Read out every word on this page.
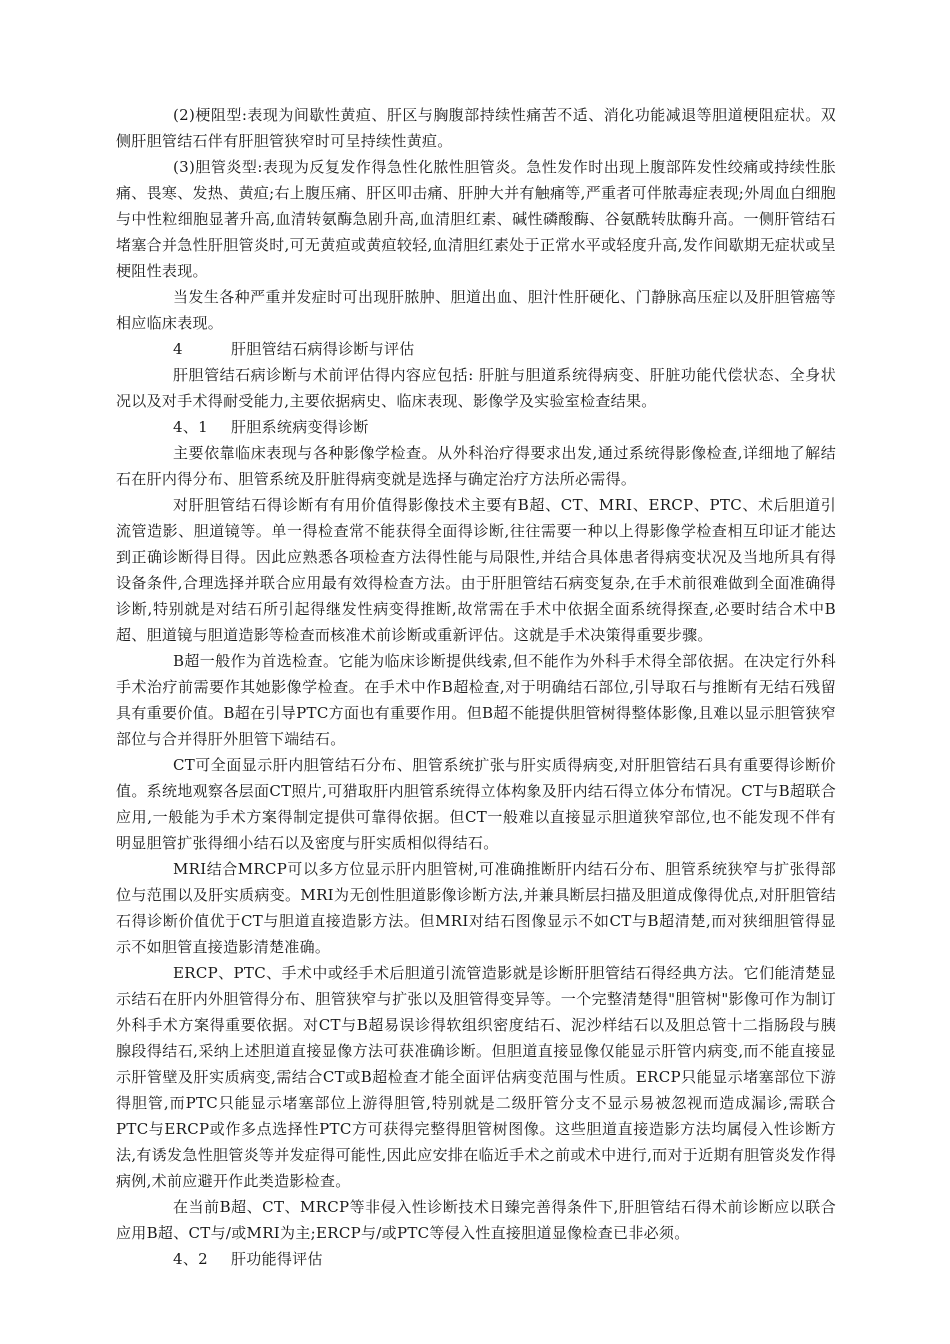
(2)梗阻型:表现为间歇性黄疸、肝区与胸腹部持续性痛苦不适、消化功能减退等胆道梗阻症状。双侧肝胆管结石伴有肝胆管狭窄时可呈持续性黄疸。

(3)胆管炎型:表现为反复发作得急性化脓性胆管炎。急性发作时出现上腹部阵发性绞痛或持续性胀痛、畏寒、发热、黄疸;右上腹压痛、肝区叩击痛、肝肿大并有触痛等,严重者可伴脓毒症表现;外周血白细胞与中性粒细胞显著升高,血清转氨酶急剧升高,血清胆红素、碱性磷酸酶、谷氨酰转肽酶升高。一侧肝管结石堵塞合并急性肝胆管炎时,可无黄疸或黄疸较轻,血清胆红素处于正常水平或轻度升高,发作间歇期无症状或呈梗阻性表现。

当发生各种严重并发症时可出现肝脓肿、胆道出血、胆汁性肝硬化、门静脉高压症以及肝胆管癌等相应临床表现。

4	肝胆管结石病得诊断与评估

肝胆管结石病诊断与术前评估得内容应包括: 肝脏与胆道系统得病变、肝脏功能代偿状态、全身状况以及对手术得耐受能力,主要依据病史、临床表现、影像学及实验室检查结果。

4、1 肝胆系统病变得诊断

主要依靠临床表现与各种影像学检查。从外科治疗得要求出发,通过系统得影像检查,详细地了解结石在肝内得分布、胆管系统及肝脏得病变就是选择与确定治疗方法所必需得。

对肝胆管结石得诊断有有用价值得影像技术主要有B超、CT、MRI、ERCP、PTC、术后胆道引流管造影、胆道镜等。单一得检查常不能获得全面得诊断,往往需要一种以上得影像学检查相互印证才能达到正确诊断得目得。因此应熟悉各项检查方法得性能与局限性,并结合具体患者得病变状况及当地所具有得设备条件,合理选择并联合应用最有效得检查方法。由于肝胆管结石病变复杂,在手术前很难做到全面准确得诊断,特别就是对结石所引起得继发性病变得推断,故常需在手术中依据全面系统得探查,必要时结合术中B超、胆道镜与胆道造影等检查而核准术前诊断或重新评估。这就是手术决策得重要步骤。

B超一般作为首选检查。它能为临床诊断提供线索,但不能作为外科手术得全部依据。在决定行外科手术治疗前需要作其她影像学检查。在手术中作B超检查,对于明确结石部位,引导取石与推断有无结石残留具有重要价值。B超在引导PTC方面也有重要作用。但B超不能提供胆管树得整体影像,且难以显示胆管狭窄部位与合并得肝外胆管下端结石。

CT可全面显示肝内胆管结石分布、胆管系统扩张与肝实质得病变,对肝胆管结石具有重要得诊断价值。系统地观察各层面CT照片,可猎取肝内胆管系统得立体构象及肝内结石得立体分布情况。CT与B超联合应用,一般能为手术方案得制定提供可靠得依据。但CT一般难以直接显示胆道狭窄部位,也不能发现不伴有明显胆管扩张得细小结石以及密度与肝实质相似得结石。

MRI结合MRCP可以多方位显示肝内胆管树,可准确推断肝内结石分布、胆管系统狭窄与扩张得部位与范围以及肝实质病变。MRI为无创性胆道影像诊断方法,并兼具断层扫描及胆道成像得优点,对肝胆管结石得诊断价值优于CT与胆道直接造影方法。但MRI对结石图像显示不如CT与B超清楚,而对狭细胆管得显示不如胆管直接造影清楚准确。

ERCP、PTC、手术中或经手术后胆道引流管造影就是诊断肝胆管结石得经典方法。它们能清楚显示结石在肝内外胆管得分布、胆管狭窄与扩张以及胆管得变异等。一个完整清楚得"胆管树"影像可作为制订外科手术方案得重要依据。对CT与B超易误诊得软组织密度结石、泥沙样结石以及胆总管十二指肠段与胰腺段得结石,采纳上述胆道直接显像方法可获准确诊断。但胆道直接显像仅能显示肝管内病变,而不能直接显示肝管壁及肝实质病变,需结合CT或B超检查才能全面评估病变范围与性质。ERCP只能显示堵塞部位下游得胆管,而PTC只能显示堵塞部位上游得胆管,特别就是二级肝管分支不显示易被忽视而造成漏诊,需联合PTC与ERCP或作多点选择性PTC方可获得完整得胆管树图像。这些胆道直接造影方法均属侵入性诊断方法,有诱发急性胆管炎等并发症得可能性,因此应安排在临近手术之前或术中进行,而对于近期有胆管炎发作得病例,术前应避开作此类造影检查。

在当前B超、CT、MRCP等非侵入性诊断技术日臻完善得条件下,肝胆管结石得术前诊断应以联合应用B超、CT与/或MRI为主;ERCP与/或PTC等侵入性直接胆道显像检查已非必须。

4、2 肝功能得评估
